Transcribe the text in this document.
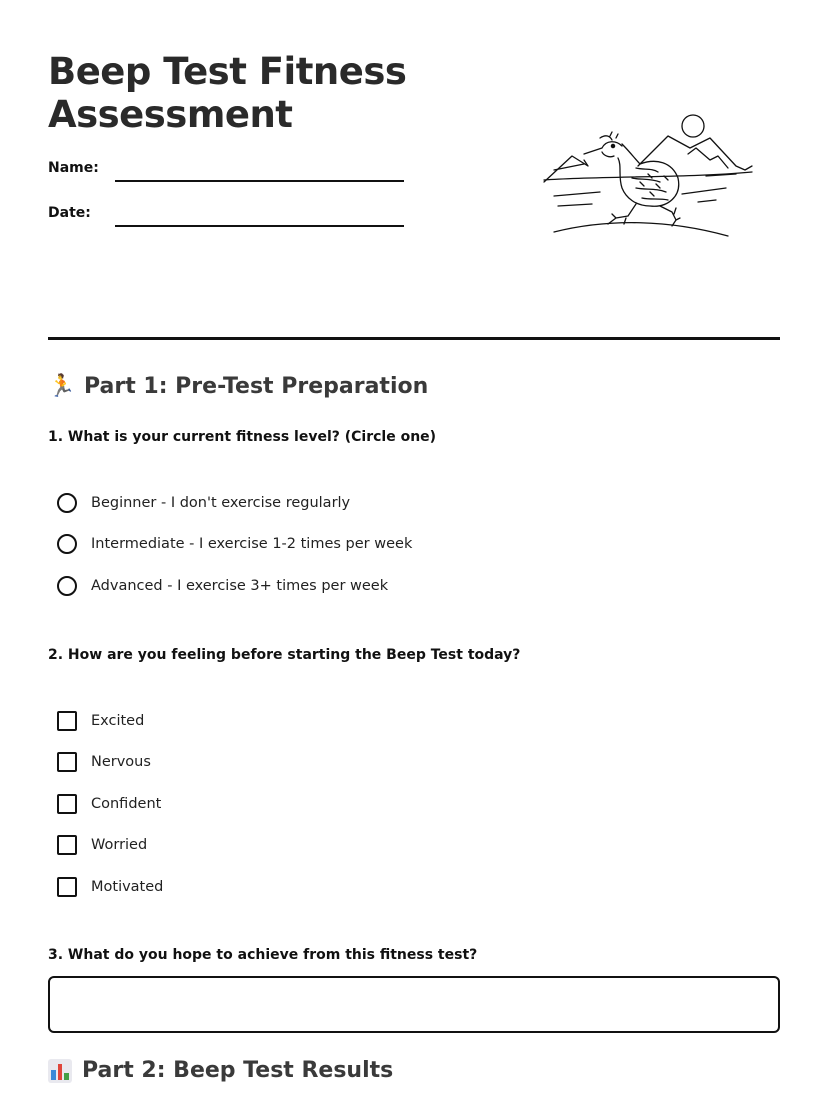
Beep Test Fitness
Assessment
Name:
Date:
🏃 Part 1: Pre-Test Preparation
1. What is your current fitness level? (Circle one)
Beginner - I don't exercise regularly
Intermediate - I exercise 1-2 times per week
Advanced - I exercise 3+ times per week
2. How are you feeling before starting the Beep Test today?
Excited
Nervous
Confident
Worried
Motivated
3. What do you hope to achieve from this fitness test?
Part 2: Beep Test Results
